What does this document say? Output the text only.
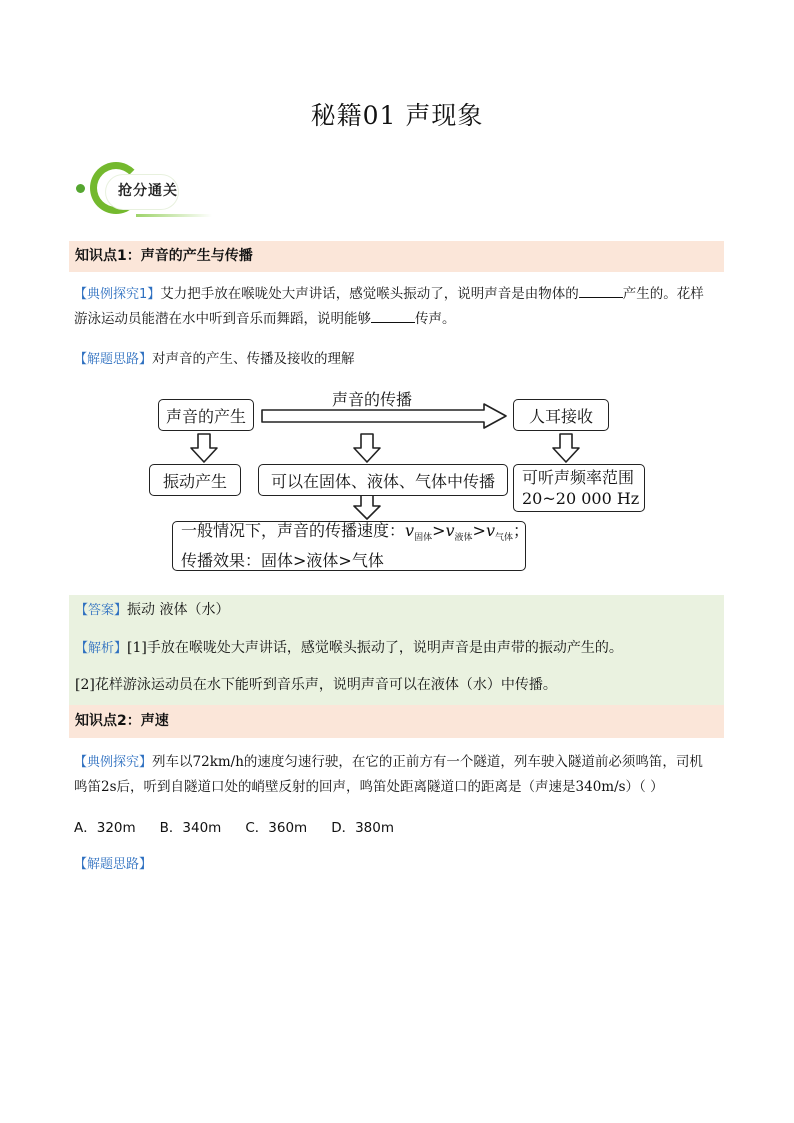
秘籍01 声现象
抢分通关
知识点1：声音的产生与传播
【典例探究1】艾力把手放在喉咙处大声讲话，感觉喉头振动了，说明声音是由物体的	产生的。花样
游泳运动员能潜在水中听到音乐而舞蹈，说明能够	传声。
【解题思路】对声音的产生、传播及接收的理解
声音的产生
声音的传播
人耳接收
振动产生	可以在固体、液体、气体中传播	可听声频率范围
20~20 000 Hz
一般情况下，声音的传播速度：$v_{固体}>v_{液体}>v_{气体}$；
传播效果：固体>液体>气体
【答案】振动 液体（水）
【解析】[1]手放在喉咙处大声讲话，感觉喉头振动了，说明声音是由声带的振动产生的。
[2]花样游泳运动员在水下能听到音乐声，说明声音可以在液体（水）中传播。
知识点2：声速
【典例探究】列车以72km/h的速度匀速行驶，在它的正前方有一个隧道，列车驶入隧道前必须鸣笛，司机
鸣笛2s后，听到自隧道口处的峭壁反射的回声，鸣笛处距离隧道口的距离是（声速是340m/s）（ ）
A．320m B．340m C．360m D．380m
【解题思路】
